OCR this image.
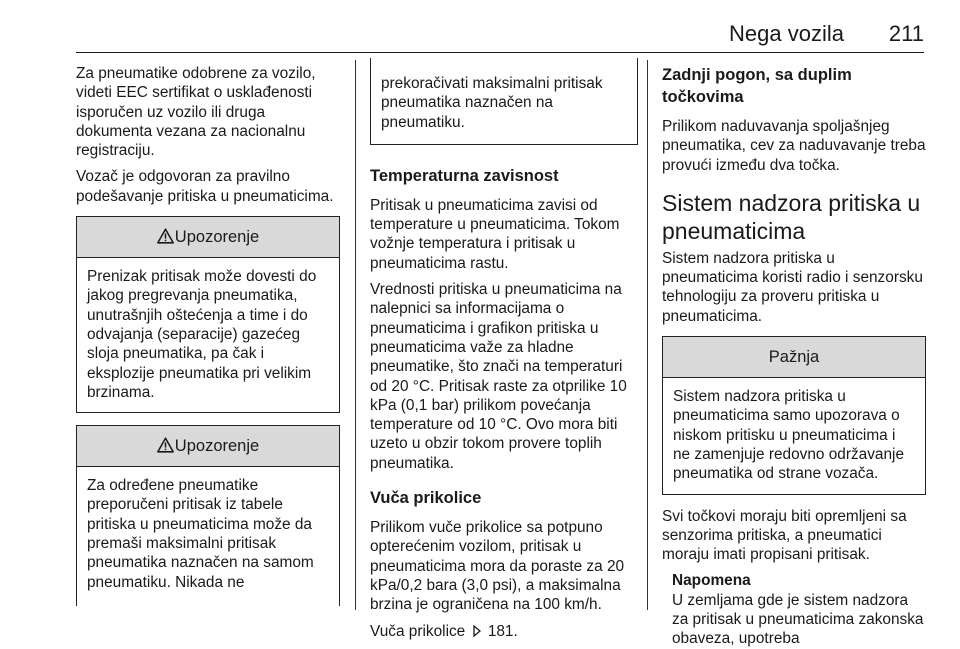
Nega vozila 211

Za pneumatike odobrene za vozilo, videti EEC sertifikat o usklađenosti isporučen uz vozilo ili druga dokumenta vezana za nacionalnu registraciju.

Vozač je odgovoran za pravilno podešavanje pritiska u pneumaticima.

Upozorenje
Prenizak pritisak može dovesti do jakog pregrevanja pneumatika, unutrašnjih oštećenja a time i do odvajanja (separacije) gazećeg sloja pneumatika, pa čak i eksplozije pneumatika pri velikim brzinama.
Upozorenje
Za određene pneumatike preporučeni pritisak iz tabele pritiska u pneumaticima može da premaši maksimalni pritisak pneumatika naznačen na samom pneumatiku. Nikada ne
prekoračivati maksimalni pritisak pneumatika naznačen na pneumatiku.
Temperaturna zavisnost

Pritisak u pneumaticima zavisi od temperature u pneumaticima. Tokom vožnje temperatura i pritisak u pneumaticima rastu.

Vrednosti pritiska u pneumaticima na nalepnici sa informacijama o pneumaticima i grafikon pritiska u pneumaticima važe za hladne pneumatike, što znači na temperaturi od 20 °C. Pritisak raste za otprilike 10 kPa (0,1 bar) prilikom povećanja temperature od 10 °C. Ovo mora biti uzeto u obzir tokom provere toplih pneumatika.

Vuča prikolice

Prilikom vuče prikolice sa potpuno opterećenim vozilom, pritisak u pneumaticima mora da poraste za 20 kPa/0,2 bara (3,0 psi), a maksimalna brzina je ograničena na 100 km/h.

Vuča prikolice 181.

Zadnji pogon, sa duplim točkovima

Prilikom naduvavanja spoljašnjeg pneumatika, cev za naduvavanje treba provući između dva točka.

Sistem nadzora pritiska u pneumaticima

Sistem nadzora pritiska u pneumaticima koristi radio i senzorsku tehnologiju za proveru pritiska u pneumaticima.

Pažnja
Sistem nadzora pritiska u pneumaticima samo upozorava o niskom pritisku u pneumaticima i ne zamenjuje redovno održavanje pneumatika od strane vozača.

Svi točkovi moraju biti opremljeni sa senzorima pritiska, a pneumatici moraju imati propisani pritisak.

Napomena
U zemljama gde je sistem nadzora za pritisak u pneumaticima zakonska obaveza, upotreba
